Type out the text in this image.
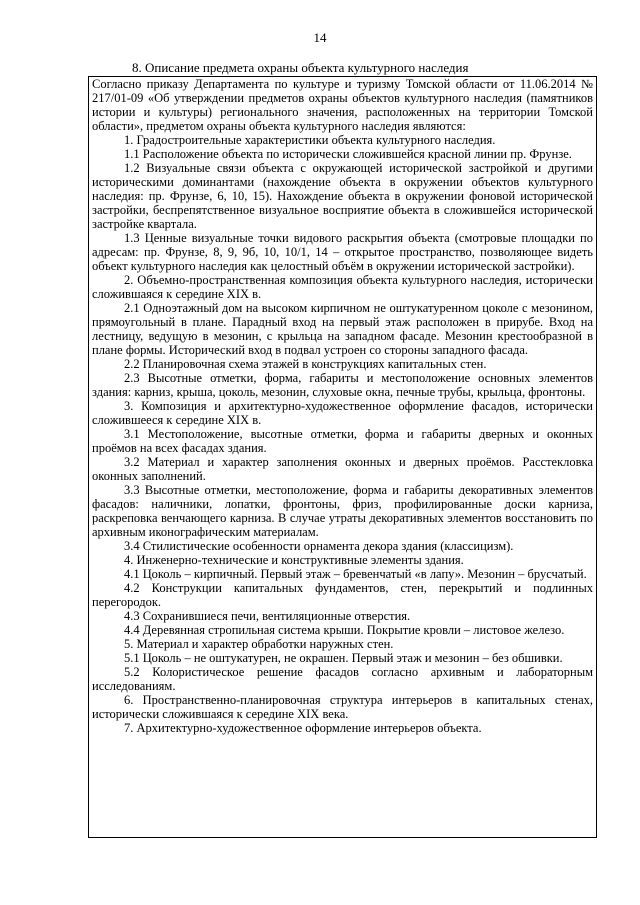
14
8. Описание предмета охраны объекта культурного наследия

Согласно приказу Департамента по культуре и туризму Томской области от 11.06.2014 № 217/01-09 «Об утверждении предметов охраны объектов культурного наследия (памятников истории и культуры) регионального значения, расположенных на территории Томской области», предметом охраны объекта культурного наследия являются:

1. Градостроительные характеристики объекта культурного наследия.

1.1 Расположение объекта по исторически сложившейся красной линии пр. Фрунзе.

1.2 Визуальные связи объекта с окружающей исторической застройкой и другими историческими доминантами (нахождение объекта в окружении объектов культурного наследия: пр. Фрунзе, 6, 10, 15). Нахождение объекта в окружении фоновой исторической застройки, беспрепятственное визуальное восприятие объекта в сложившейся исторической застройке квартала.

1.3 Ценные визуальные точки видового раскрытия объекта (смотровые площадки по адресам: пр. Фрунзе, 8, 9, 9б, 10, 10/1, 14 – открытое пространство, позволяющее видеть объект культурного наследия как целостный объём в окружении исторической застройки).

2. Объемно-пространственная композиция объекта культурного наследия, исторически сложившаяся к середине XIX в.

2.1 Одноэтажный дом на высоком кирпичном не оштукатуренном цоколе с мезонином, прямоугольный в плане. Парадный вход на первый этаж расположен в прирубе. Вход на лестницу, ведущую в мезонин, с крыльца на западном фасаде. Мезонин крестообразной в плане формы. Исторический вход в подвал устроен со стороны западного фасада.

2.2 Планировочная схема этажей в конструкциях капитальных стен.

2.3 Высотные отметки, форма, габариты и местоположение основных элементов здания: карниз, крыша, цоколь, мезонин, слуховые окна, печные трубы, крыльца, фронтоны.

3. Композиция и архитектурно-художественное оформление фасадов, исторически сложившееся к середине XIX в.

3.1 Местоположение, высотные отметки, форма и габариты дверных и оконных проёмов на всех фасадах здания.

3.2 Материал и характер заполнения оконных и дверных проёмов. Расстекловка оконных заполнений.

3.3 Высотные отметки, местоположение, форма и габариты декоративных элементов фасадов: наличники, лопатки, фронтоны, фриз, профилированные доски карниза, раскреповка венчающего карниза. В случае утраты декоративных элементов восстановить по архивным иконографическим материалам.

3.4 Стилистические особенности орнамента декора здания (классицизм).

4. Инженерно-технические и конструктивные элементы здания.

4.1 Цоколь – кирпичный. Первый этаж – бревенчатый «в лапу». Мезонин – брусчатый.

4.2 Конструкции капитальных фундаментов, стен, перекрытий и подлинных перегородок.

4.3 Сохранившиеся печи, вентиляционные отверстия.

4.4 Деревянная стропильная система крыши. Покрытие кровли – листовое железо.

5. Материал и характер обработки наружных стен.

5.1 Цоколь – не оштукатурен, не окрашен. Первый этаж и мезонин – без обшивки.

5.2 Колористическое решение фасадов согласно архивным и лабораторным исследованиям.

6. Пространственно-планировочная структура интерьеров в капитальных стенах, исторически сложившаяся к середине XIX века.

7. Архитектурно-художественное оформление интерьеров объекта.
